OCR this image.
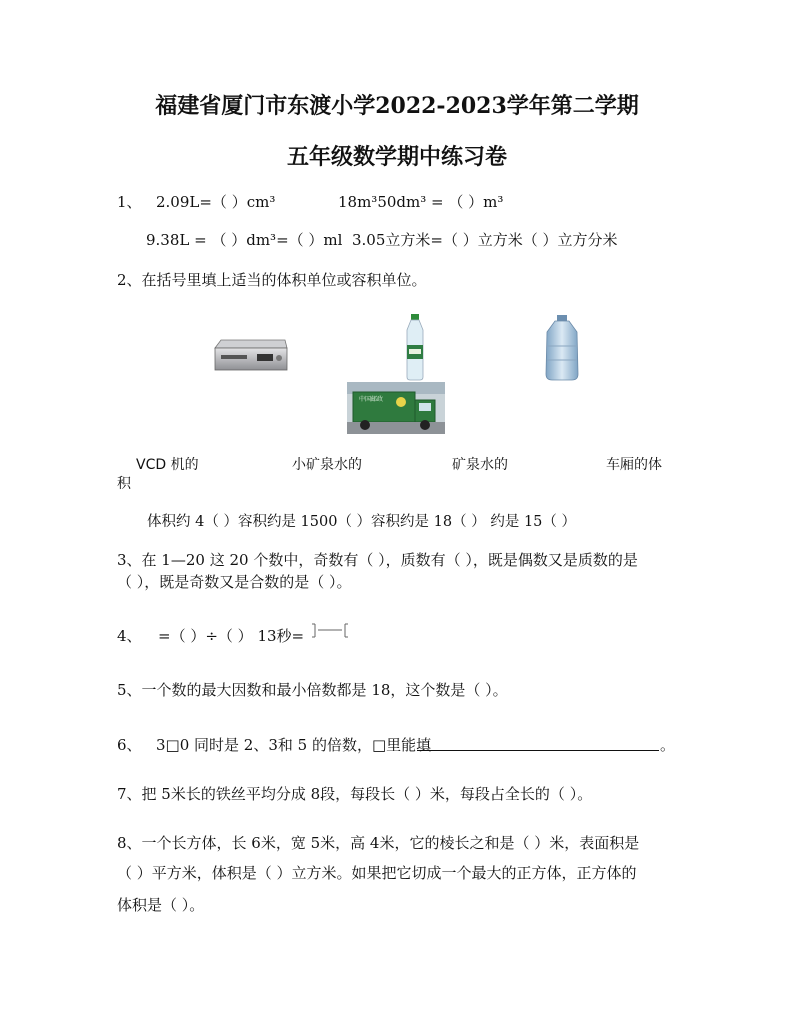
福建省厦门市东渡小学2022-2023学年第二学期
五年级数学期中练习卷
1、 2.09L=（ ）cm³	18m³50dm³ = （ ）m³
9.38L = （ ）dm³=（ ）ml 3.05立方米=（ ）立方米（ ）立方分米
2、在括号里填上适当的体积单位或容积单位。
中国邮政
VCD 机的	小矿泉水的	矿泉水的	车厢的体
积
体积约 4（ ）容积约是 1500（ ）容积约是 18（ ） 约是 15（ ）
3、在 1—20 这 20 个数中，奇数有（ ），质数有（ ），既是偶数又是质数的是
（ ），既是奇数又是合数的是（ ）。
4、 =（ ）÷（ ） 13秒=
5、一个数的最大因数和最小倍数都是 18，这个数是（ ）。
6、 3□0 同时是 2、3和 5 的倍数，□里能填	。
7、把 5米长的铁丝平均分成 8段，每段长（ ）米，每段占全长的（ ）。
8、一个长方体，长 6米，宽 5米，高 4米，它的棱长之和是（ ）米，表面积是
（ ）平方米，体积是（ ）立方米。如果把它切成一个最大的正方体，正方体的
体积是（ ）。
